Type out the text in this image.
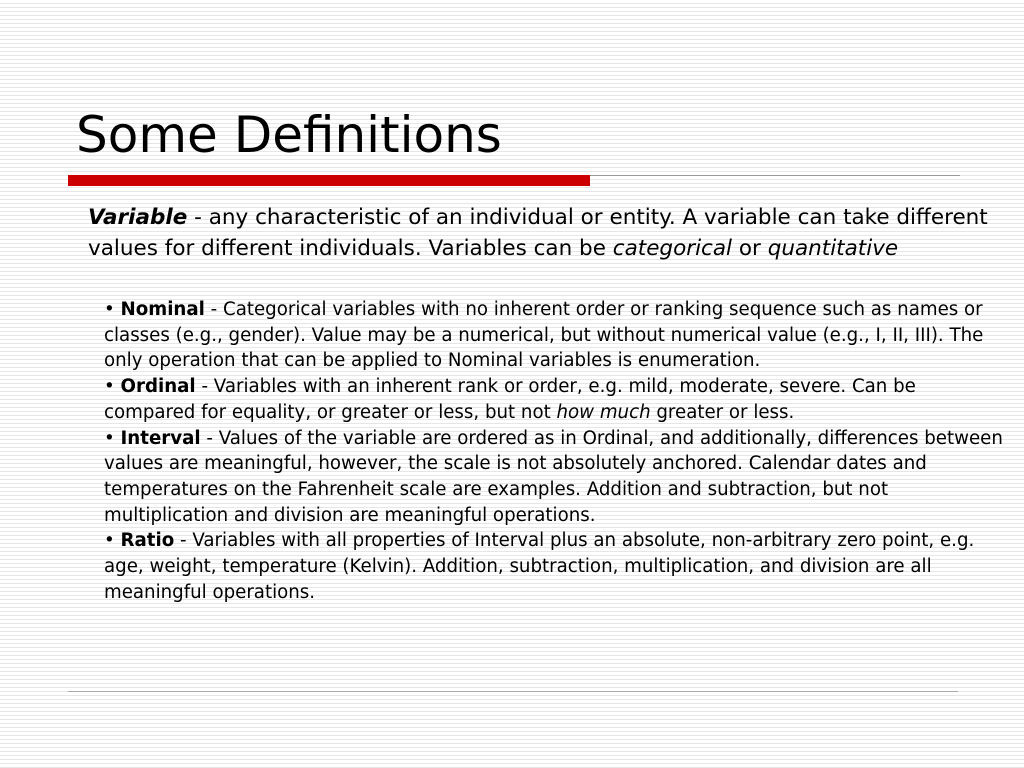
Some Definitions
Variable - any characteristic of an individual or entity. A variable can take different values for different individuals. Variables can be categorical or quantitative

• Nominal - Categorical variables with no inherent order or ranking sequence such as names or classes (e.g., gender). Value may be a numerical, but without numerical value (e.g., I, II, III). The only operation that can be applied to Nominal variables is enumeration.

• Ordinal - Variables with an inherent rank or order, e.g. mild, moderate, severe. Can be compared for equality, or greater or less, but not how much greater or less.

• Interval - Values of the variable are ordered as in Ordinal, and additionally, differences between values are meaningful, however, the scale is not absolutely anchored. Calendar dates and temperatures on the Fahrenheit scale are examples. Addition and subtraction, but not multiplication and division are meaningful operations.

• Ratio - Variables with all properties of Interval plus an absolute, non-arbitrary zero point, e.g. age, weight, temperature (Kelvin). Addition, subtraction, multiplication, and division are all meaningful operations.
